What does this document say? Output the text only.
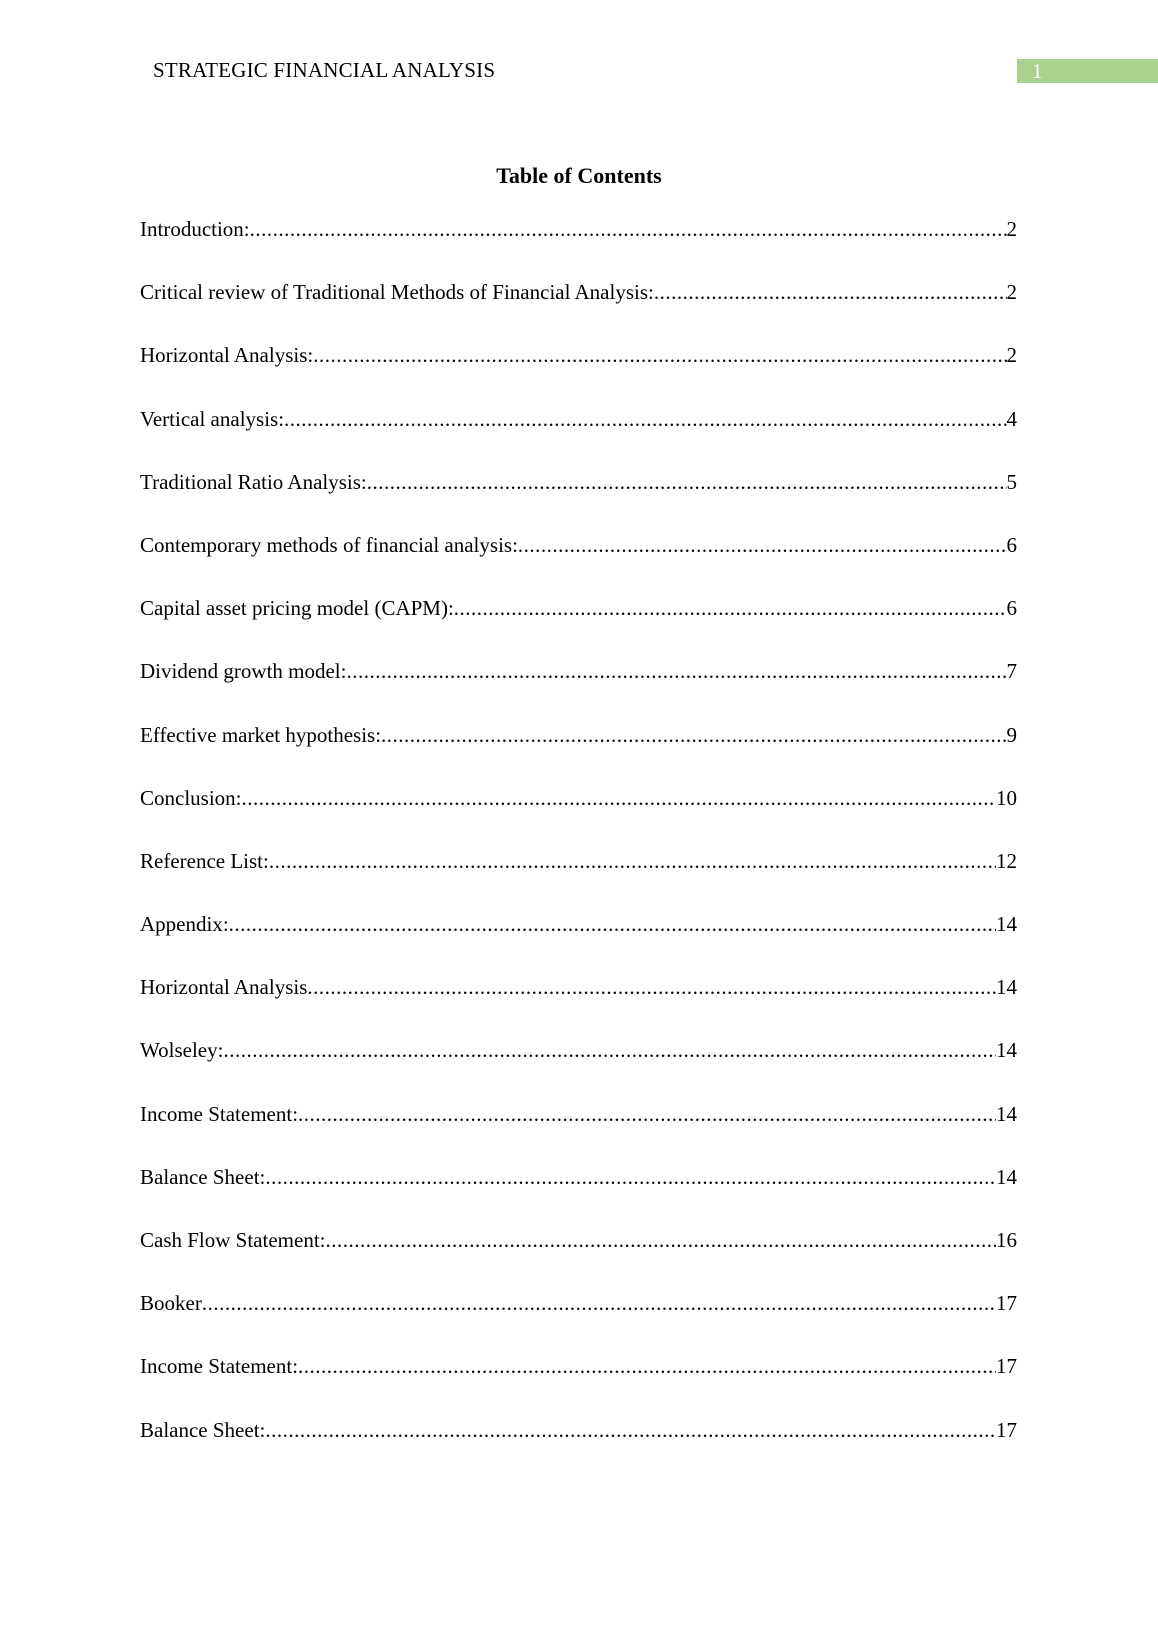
STRATEGIC FINANCIAL ANALYSIS	1
Table of Contents
Introduction: .....	2
Critical review of Traditional Methods of Financial Analysis: .....	2
Horizontal Analysis: .....	2
Vertical analysis: .....	4
Traditional Ratio Analysis: .....	5
Contemporary methods of financial analysis: .....	6
Capital asset pricing model (CAPM): .....	6
Dividend growth model: .....	7
Effective market hypothesis: .....	9
Conclusion: .....	10
Reference List: .....	12
Appendix: .....	14
Horizontal Analysis .....	14
Wolseley: .....	14
Income Statement: .....	14
Balance Sheet: .....	14
Cash Flow Statement: .....	16
Booker .....	17
Income Statement: .....	17
Balance Sheet: .....	17
